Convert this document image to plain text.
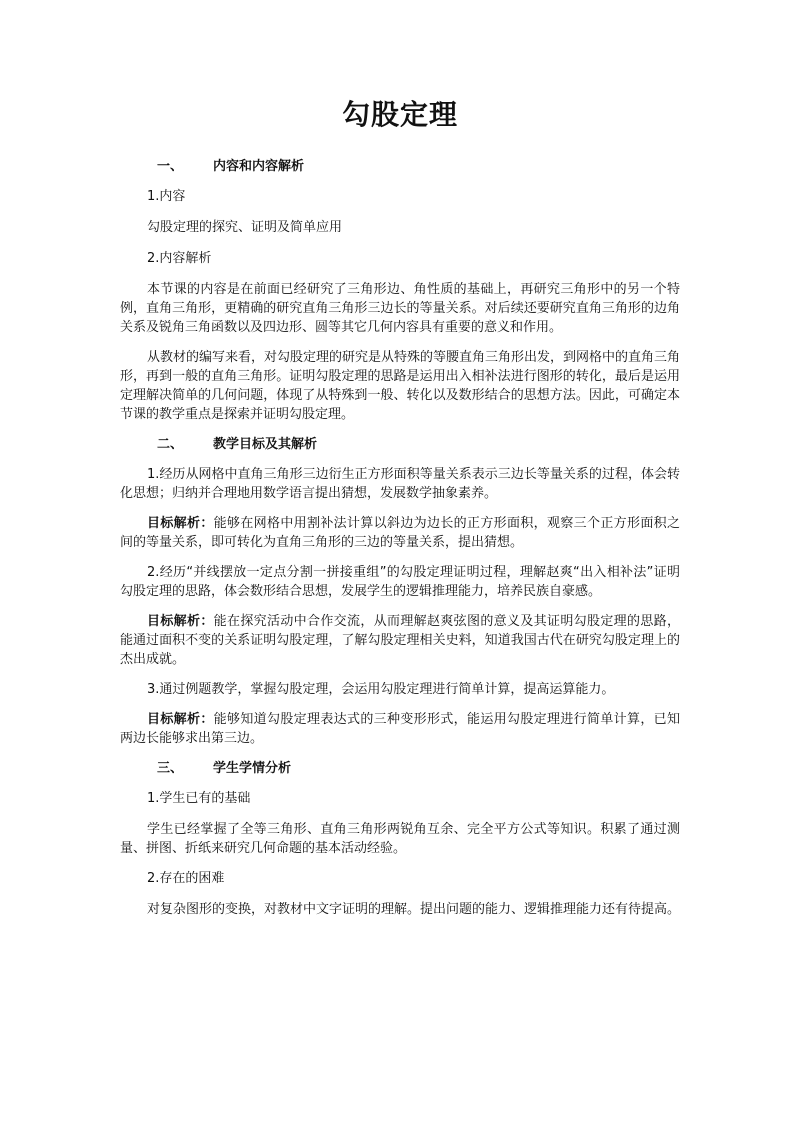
勾股定理
一、 内容和内容解析
1.内容
勾股定理的探究、证明及简单应用
2.内容解析

本节课的内容是在前面已经研究了三角形边、角性质的基础上，再研究三角形中的另一个特例，直角三角形，更精确的研究直角三角形三边长的等量关系。对后续还要研究直角三角形的边角关系及锐角三角函数以及四边形、圆等其它几何内容具有重要的意义和作用。

从教材的编写来看，对勾股定理的研究是从特殊的等腰直角三角形出发，到网格中的直角三角形，再到一般的直角三角形。证明勾股定理的思路是运用出入相补法进行图形的转化，最后是运用定理解决简单的几何问题，体现了从特殊到一般、转化以及数形结合的思想方法。因此，可确定本节课的教学重点是探索并证明勾股定理。

二、 教学目标及其解析

1.经历从网格中直角三角形三边衍生正方形面积等量关系表示三边长等量关系的过程，体会转化思想；归纳并合理地用数学语言提出猜想，发展数学抽象素养。

目标解析：能够在网格中用割补法计算以斜边为边长的正方形面积，观察三个正方形面积之间的等量关系，即可转化为直角三角形的三边的等量关系，提出猜想。

2.经历“并线摆放一定点分割一拼接重组”的勾股定理证明过程，理解赵爽“出入相补法”证明勾股定理的思路，体会数形结合思想，发展学生的逻辑推理能力，培养民族自豪感。

目标解析：能在探究活动中合作交流，从而理解赵爽弦图的意义及其证明勾股定理的思路，能通过面积不变的关系证明勾股定理，了解勾股定理相关史料，知道我国古代在研究勾股定理上的杰出成就。

3.通过例题教学，掌握勾股定理，会运用勾股定理进行简单计算，提高运算能力。

目标解析：能够知道勾股定理表达式的三种变形形式，能运用勾股定理进行简单计算，已知两边长能够求出第三边。

三、 学生学情分析
1.学生已有的基础

学生已经掌握了全等三角形、直角三角形两锐角互余、完全平方公式等知识。积累了通过测量、拼图、折纸来研究几何命题的基本活动经验。

2.存在的困难

对复杂图形的变换，对教材中文字证明的理解。提出问题的能力、逻辑推理能力还有待提高。
